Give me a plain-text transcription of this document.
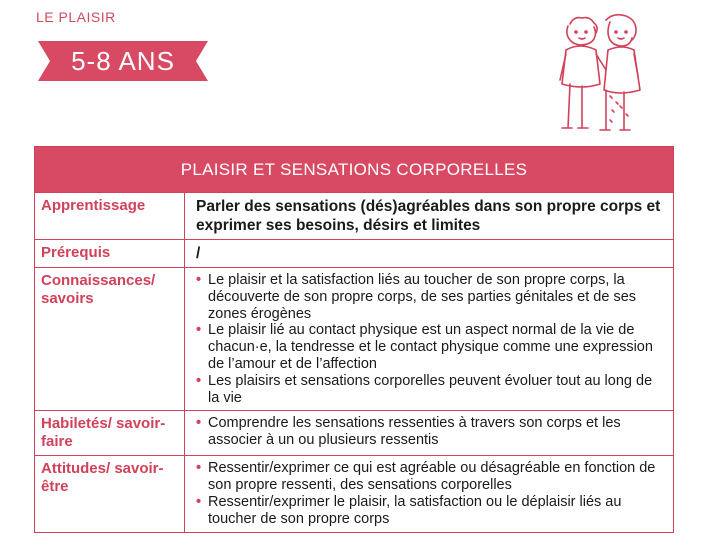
LE PLAISIR
5-8 ANS
PLAISIR ET SENSATIONS CORPORELLES
Apprentissage	Parler des sensations (dés)agréables dans son propre corps et exprimer ses besoins, désirs et limites
Prérequis	/
Connaissances/ savoirs
• Le plaisir et la satisfaction liés au toucher de son propre corps, la découverte de son propre corps, de ses parties génitales et de ses zones érogènes
• Le plaisir lié au contact physique est un aspect normal de la vie de chacun·e, la tendresse et le contact physique comme une expression de l’amour et de l’affection
• Les plaisirs et sensations corporelles peuvent évoluer tout au long de la vie
Habiletés/ savoir-faire
• Comprendre les sensations ressenties à travers son corps et les associer à un ou plusieurs ressentis
Attitudes/ savoir-être
• Ressentir/exprimer ce qui est agréable ou désagréable en fonction de son propre ressenti, des sensations corporelles
• Ressentir/exprimer le plaisir, la satisfaction ou le déplaisir liés au toucher de son propre corps
